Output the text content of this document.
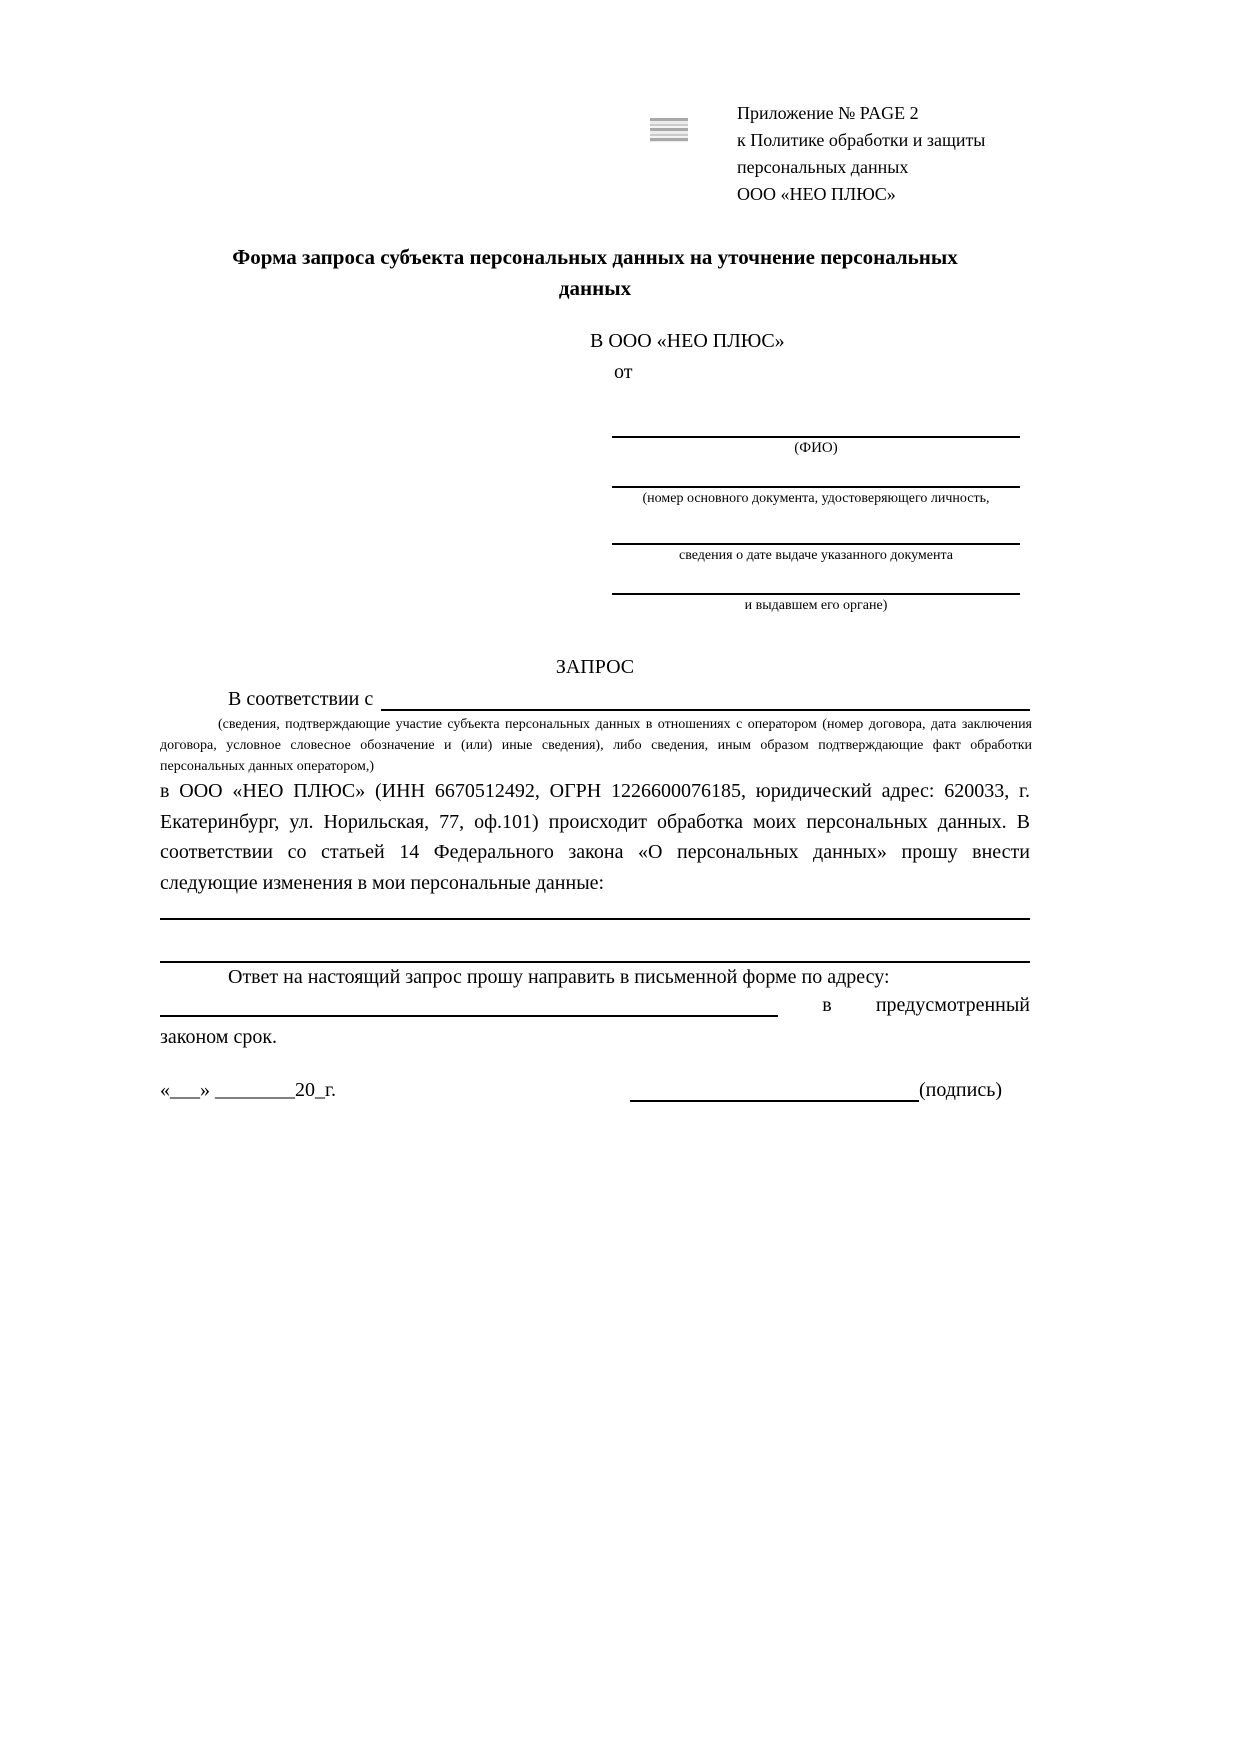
Приложение № PAGE 2
к Политике обработки и защиты
персональных данных
ООО «НЕО ПЛЮС»
Форма запроса субъекта персональных данных на уточнение персональных данных
В ООО «НЕО ПЛЮС»
от
(ФИО)
(номер основного документа, удостоверяющего личность,
сведения о дате выдаче указанного документа
и выдавшем его органе)
ЗАПРОС
В соответствии с
(сведения, подтверждающие участие субъекта персональных данных в отношениях с оператором (номер договора, дата заключения договора, условное словесное обозначение и (или) иные сведения), либо сведения, иным образом подтверждающие факт обработки персональных данных оператором,)
в ООО «НЕО ПЛЮС» (ИНН 6670512492, ОГРН 1226600076185, юридический адрес: 620033, г. Екатеринбург, ул. Норильская, 77, оф.101) происходит обработка моих персональных данных. В соответствии со статьей 14 Федерального закона «О персональных данных» прошу внести следующие изменения в мои персональные данные:
Ответ на настоящий запрос прошу направить в письменной форме по адресу:
в предусмотренный
законом срок.
«___» ________20_г.	(подпись)
